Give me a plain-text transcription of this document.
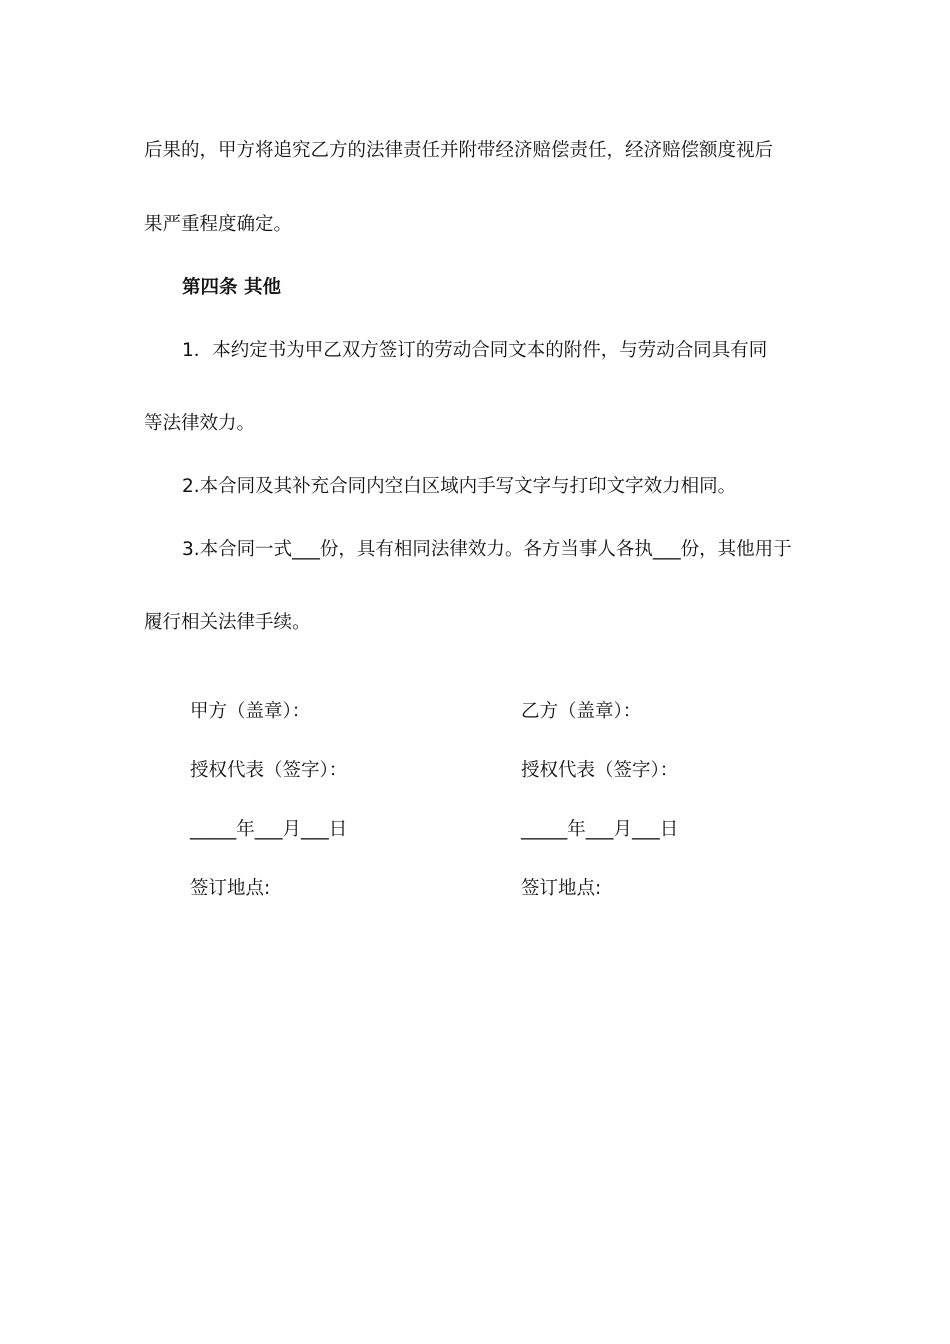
后果的，甲方将追究乙方的法律责任并附带经济赔偿责任，经济赔偿额度视后
果严重程度确定。
第四条 其他
1．本约定书为甲乙双方签订的劳动合同文本的附件，与劳动合同具有同
等法律效力。
2.本合同及其补充合同内空白区域内手写文字与打印文字效力相同。
3.本合同一式___份，具有相同法律效力。各方当事人各执___份，其他用于
履行相关法律手续。
甲方（盖章）：
授权代表（签字）：
_____年___月___日
签订地点:
乙方（盖章）：
授权代表（签字）：
_____年___月___日
签订地点:
